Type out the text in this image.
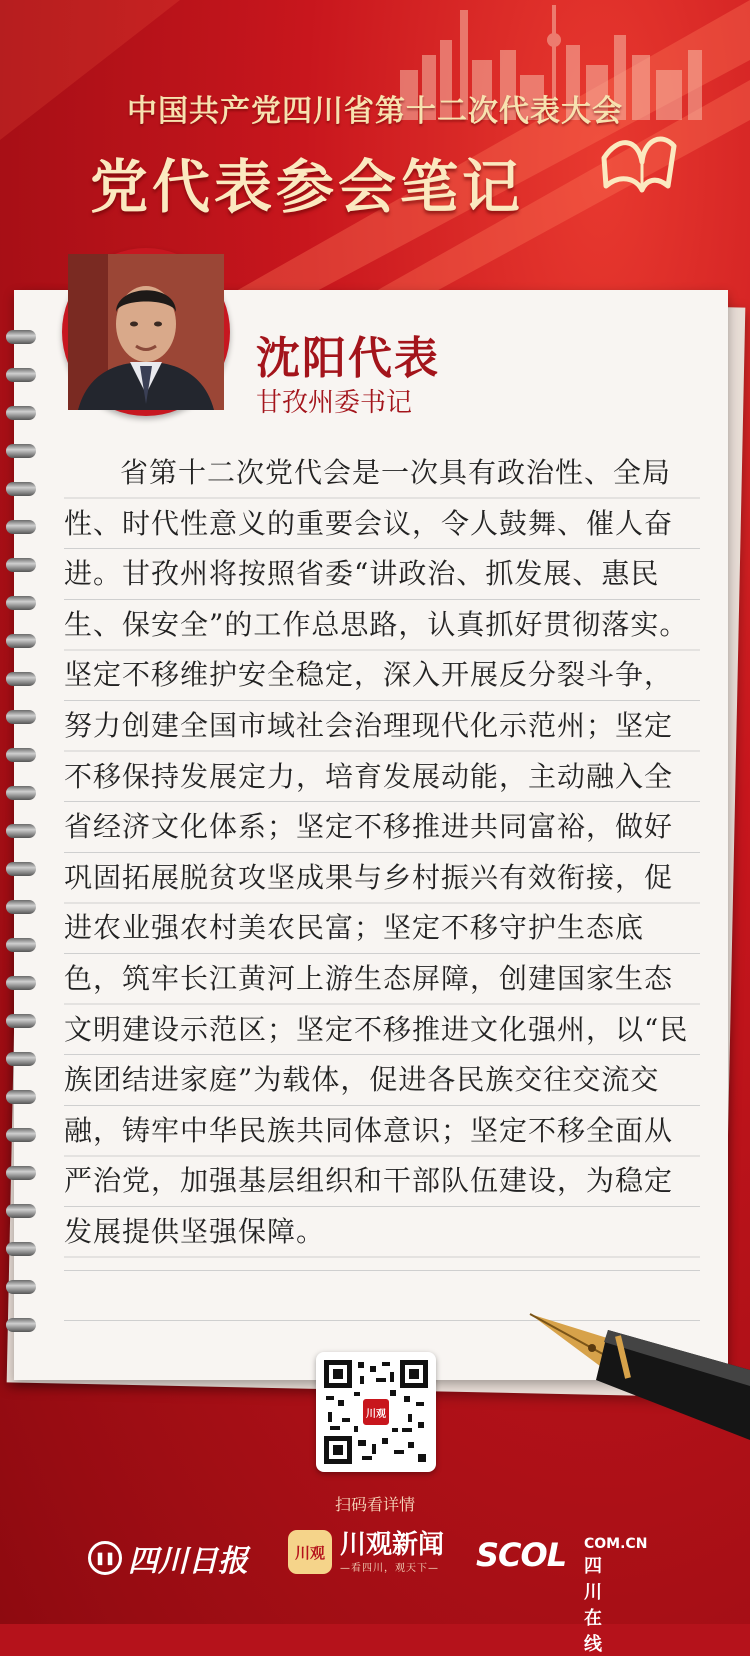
中国共产党四川省第十二次代表大会
党代表参会笔记
沈阳代表
甘孜州委书记
省第十二次党代会是一次具有政治性、全局性、时代性意义的重要会议，令人鼓舞、催人奋进。甘孜州将按照省委“讲政治、抓发展、惠民生、保安全”的工作总思路，认真抓好贯彻落实。坚定不移维护安全稳定，深入开展反分裂斗争，努力创建全国市域社会治理现代化示范州；坚定不移保持发展定力，培育发展动能，主动融入全省经济文化体系；坚定不移推进共同富裕，做好巩固拓展脱贫攻坚成果与乡村振兴有效衔接，促进农业强农村美农民富；坚定不移守护生态底色，筑牢长江黄河上游生态屏障，创建国家生态文明建设示范区；坚定不移推进文化强州，以“民族团结进家庭”为载体，促进各民族交往交流交融，铸牢中华民族共同体意识；坚定不移全面从严治党，加强基层组织和干部队伍建设，为稳定发展提供坚强保障。
川观
扫码看详情
❚❚ 四川日报	川观 川观新闻
—看四川，观天下— SCOL COM.CN
四川在线
